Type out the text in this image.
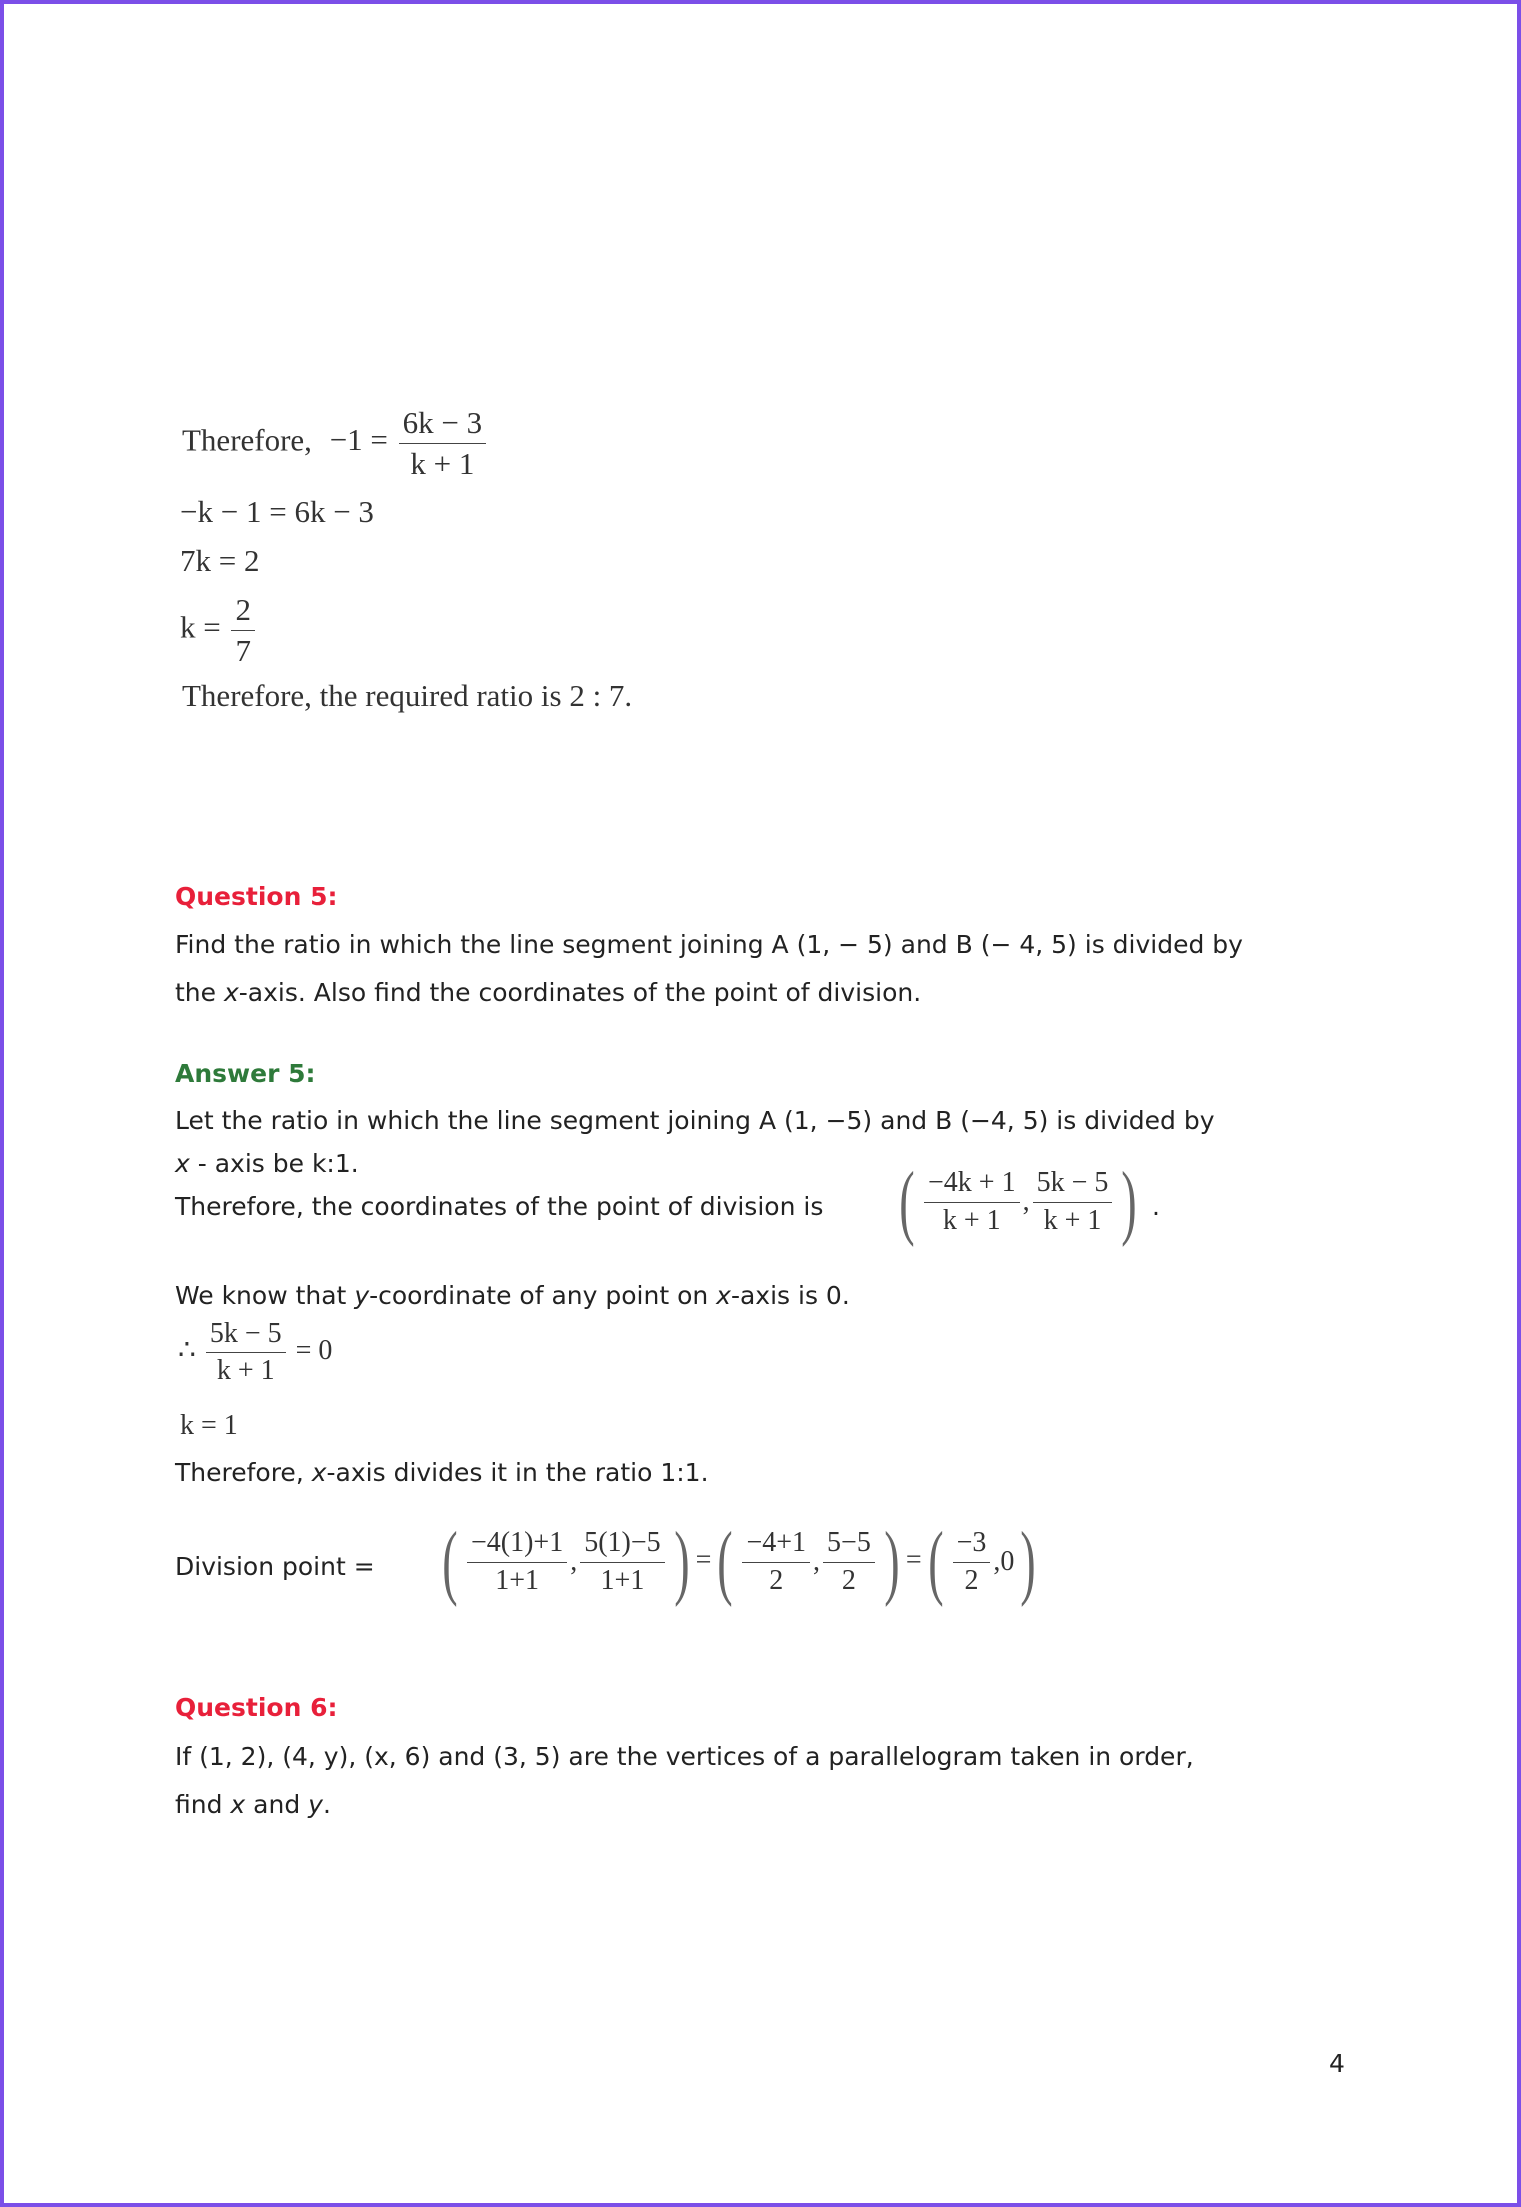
Therefore, $-1 = \frac{6k - 3}{k + 1}$
−k − 1 = 6k − 3
7k = 2
$k = \frac{2}{7}$
Therefore, the required ratio is 2 : 7.
Question 5:
Find the ratio in which the line segment joining A (1, − 5) and B (− 4, 5) is divided by
the x-axis. Also find the coordinates of the point of division.
Answer 5:
Let the ratio in which the line segment joining A (1, −5) and B (−4, 5) is divided by
x - axis be k:1.
Therefore, the coordinates of the point of division is ( $\frac{-4k + 1}{k + 1}$ , $\frac{5k - 5}{k + 1}$ ) .
We know that y-coordinate of any point on x-axis is 0.
∴ $\frac{5k - 5}{k + 1} = 0$
k = 1
Therefore, x-axis divides it in the ratio 1:1.
Division point = ( $\frac{-4(1)+1}{1+1}$ , $\frac{5(1)-5}{1+1}$ ) = ( $\frac{-4+1}{2}$ , $\frac{5-5}{2}$ ) = ( $\frac{-3}{2}$ , 0 )
Question 6:
If (1, 2), (4, y), (x, 6) and (3, 5) are the vertices of a parallelogram taken in order,
find x and y.
4
